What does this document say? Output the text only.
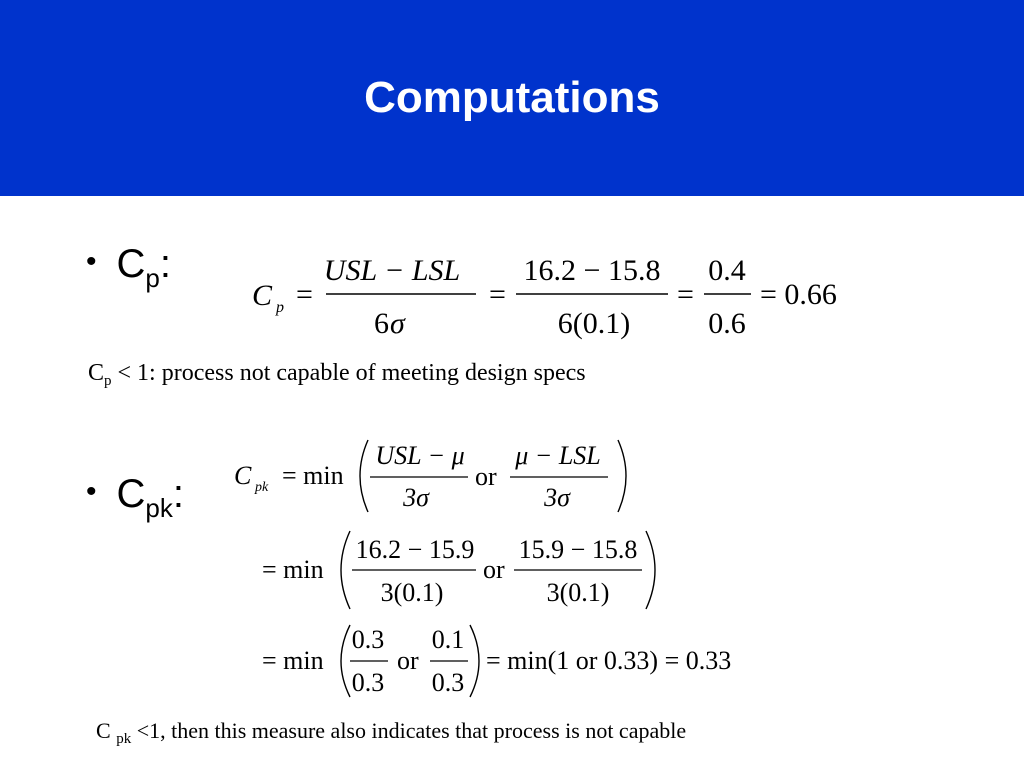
Computations
• $C_p$:
• $C_{pk}$:
$C_p < 1$: process not capable of meeting design specs
C $_{pk}$ <1, then this measure also indicates that process is not capable
C p =
USL − LSL
6 σ
=
16.2 − 15.8
6(0.1)
=
0.4
0.6
= 0.66
C pk = min
USL − μ
3σ
or
μ − LSL
3σ
= min
16.2 − 15.9
3(0.1)
or
15.9 − 15.8
3(0.1)
= min
0.3
0.3
or
0.1
0.3
= min(1 or 0.33) = 0.33
